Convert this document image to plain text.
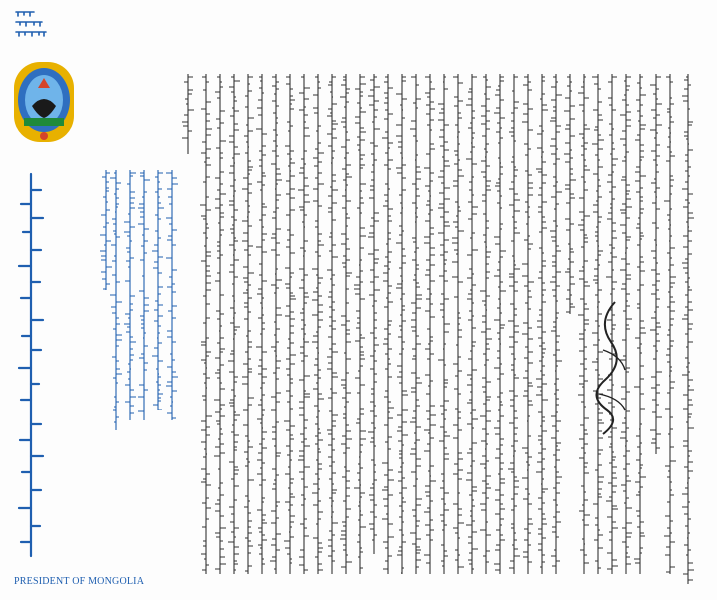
PRESIDENT OF MONGOLIA
